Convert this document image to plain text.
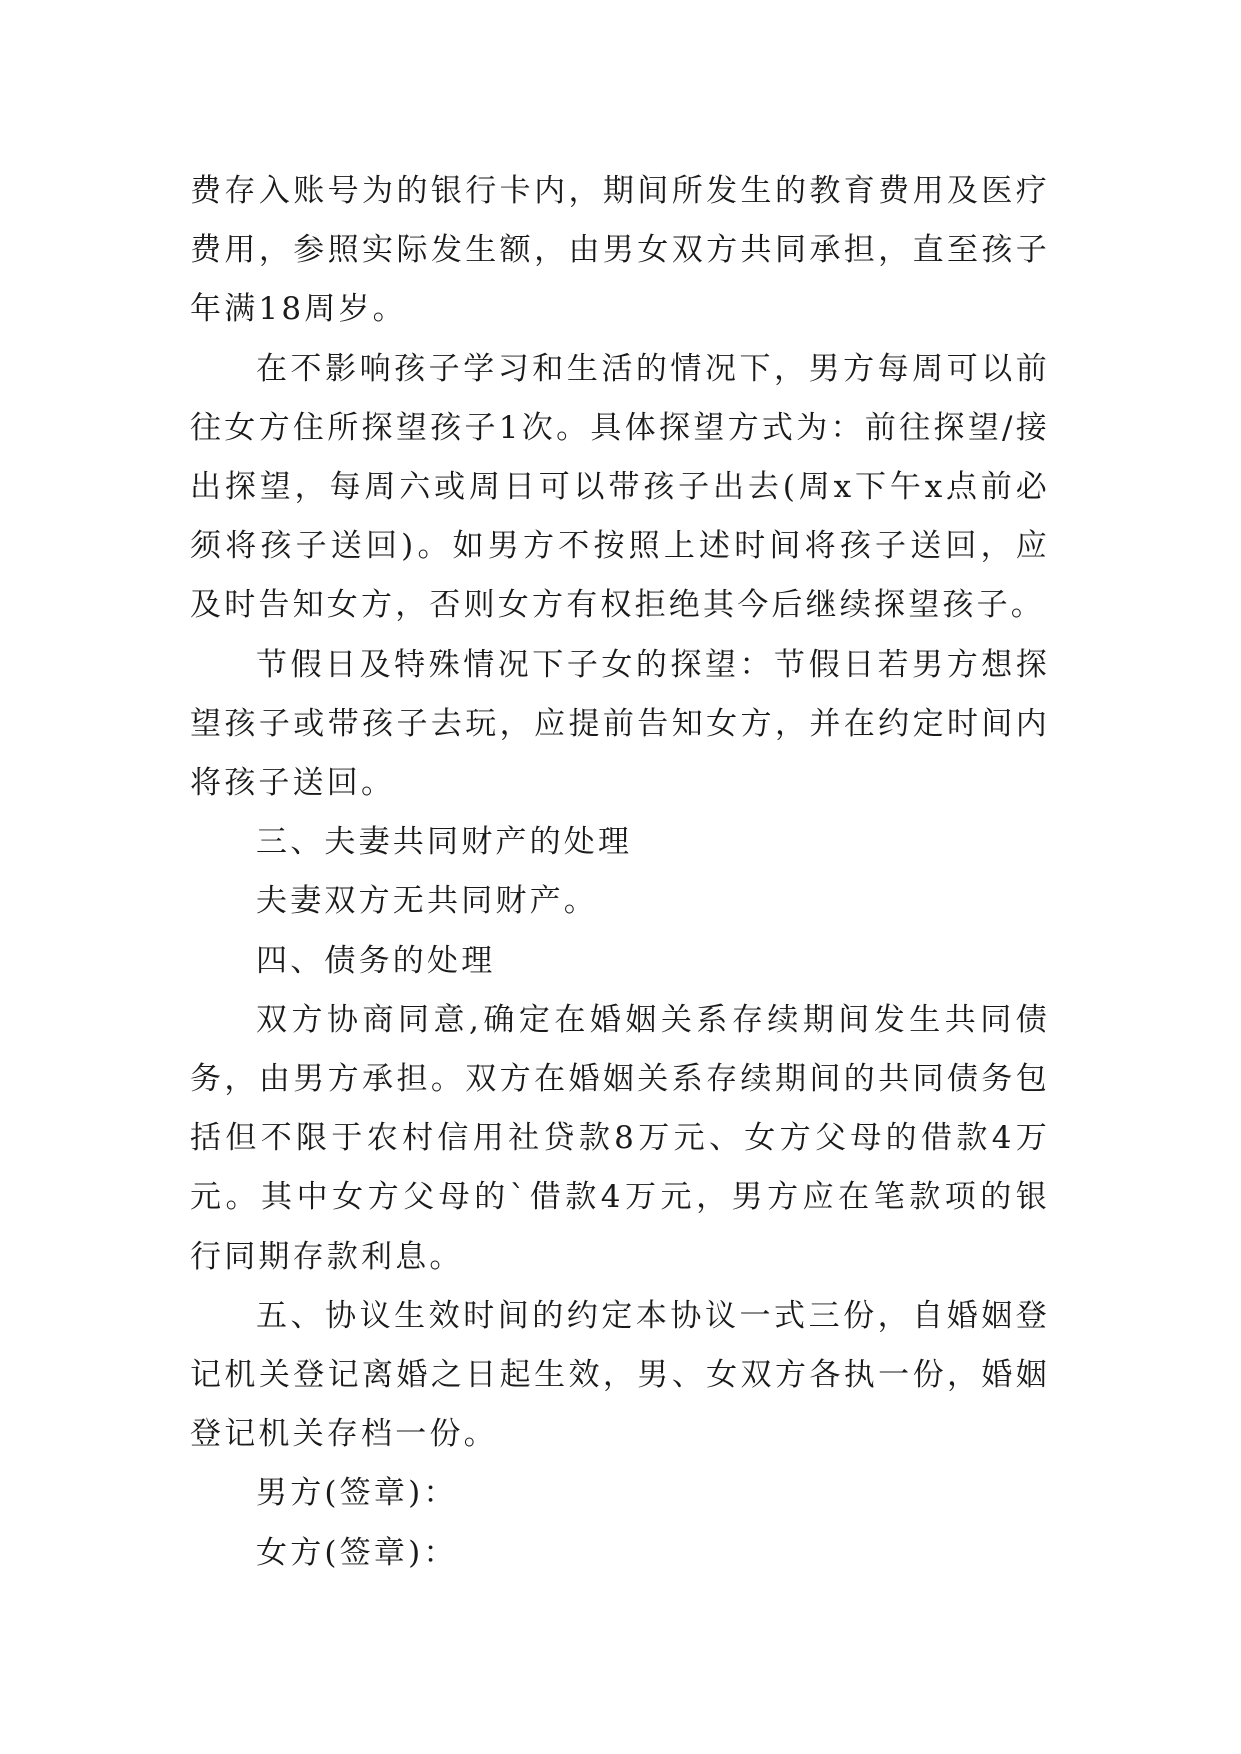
费存入账号为的银行卡内，期间所发生的教育费用及医疗费用，参照实际发生额，由男女双方共同承担，直至孩子年满18周岁。

在不影响孩子学习和生活的情况下，男方每周可以前往女方住所探望孩子1次。具体探望方式为：前往探望/接出探望，每周六或周日可以带孩子出去(周x下午x点前必须将孩子送回)。如男方不按照上述时间将孩子送回，应及时告知女方，否则女方有权拒绝其今后继续探望孩子。

节假日及特殊情况下子女的探望：节假日若男方想探望孩子或带孩子去玩，应提前告知女方，并在约定时间内将孩子送回。

三、夫妻共同财产的处理

夫妻双方无共同财产。

四、债务的处理

双方协商同意,确定在婚姻关系存续期间发生共同债务，由男方承担。双方在婚姻关系存续期间的共同债务包括但不限于农村信用社贷款8万元、女方父母的借款4万元。其中女方父母的`借款4万元，男方应在笔款项的银行同期存款利息。

五、协议生效时间的约定本协议一式三份，自婚姻登记机关登记离婚之日起生效，男、女双方各执一份，婚姻登记机关存档一份。

男方(签章)：

女方(签章)：
